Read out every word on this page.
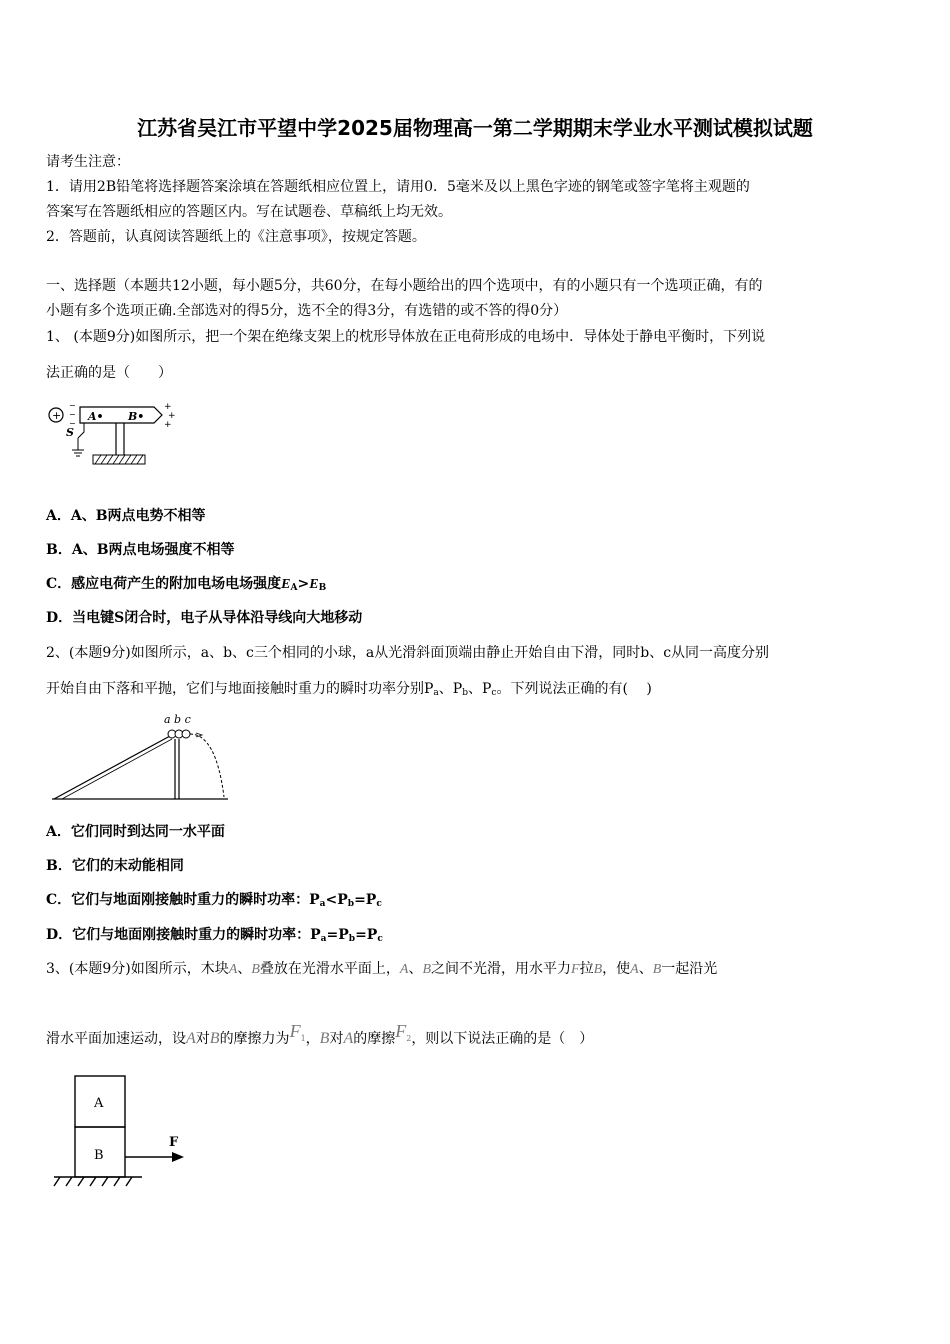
江苏省吴江市平望中学2025届物理高一第二学期期末学业水平测试模拟试题
请考生注意：
1．请用2B铅笔将选择题答案涂填在答题纸相应位置上，请用0．5毫米及以上黑色字迹的钢笔或签字笔将主观题的
答案写在答题纸相应的答题区内。写在试题卷、草稿纸上均无效。
2．答题前，认真阅读答题纸上的《注意事项》，按规定答题。
一、选择题（本题共12小题，每小题5分，共60分，在每小题给出的四个选项中，有的小题只有一个选项正确，有的
小题有多个选项正确.全部选对的得5分，选不全的得3分，有选错的或不答的得0分）
1、 (本题9分)如图所示，把一个架在绝缘支架上的枕形导体放在正电荷形成的电场中．导体处于静电平衡时，下列说
法正确的是（　　）
+
−
−
−
A• B•
+
+
+
S
A．A、B两点电势不相等
B．A、B两点电场强度不相等
C．感应电荷产生的附加电场电场强度$E_A>E_B$
D．当电键S闭合时，电子从导体沿导线向大地移动
2、(本题9分)如图所示，a、b、c三个相同的小球，a从光滑斜面顶端由静止开始自由下滑，同时b、c从同一高度分别
开始自由下落和平抛，它们与地面接触时重力的瞬时功率分别$P_a$、$P_b$、$P_c$。下列说法正确的有(　 )
a b c
A．它们同时到达同一水平面
B．它们的末动能相同
C．它们与地面刚接触时重力的瞬时功率：$P_a<P_b=P_c$
D．它们与地面刚接触时重力的瞬时功率：$P_a=P_b=P_c$
3、(本题9分)如图所示，木块A、B叠放在光滑水平面上，A、B之间不光滑，用水平力F拉B，使A、B一起沿光
滑水平面加速运动，设A对B的摩擦力为F1，B对A的摩擦F2，则以下说法正确的是（　）
A
B
F
